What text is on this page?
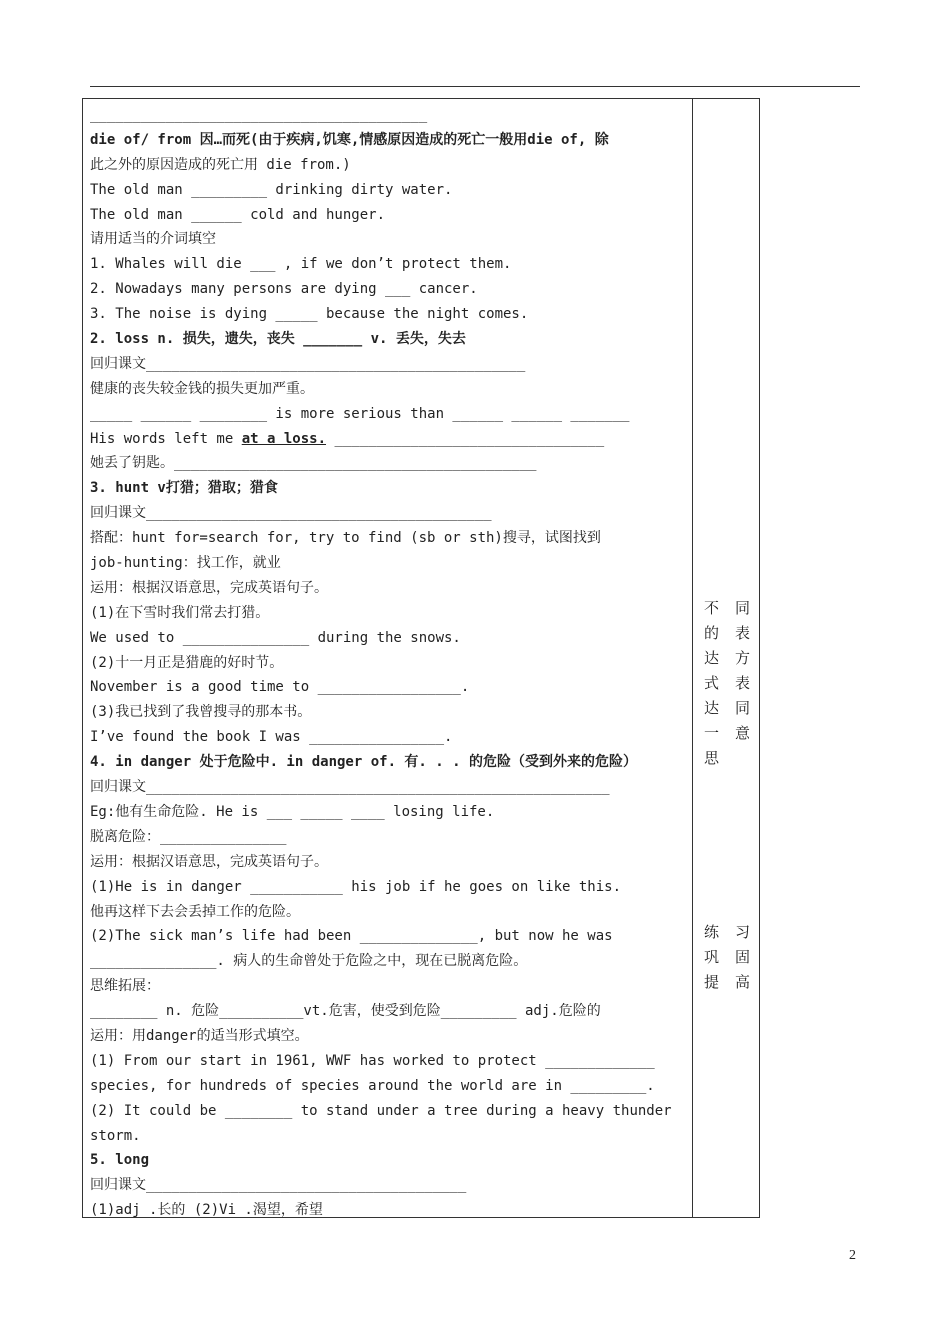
________________________________________
die of/ from 因…而死(由于疾病,饥寒,情感原因造成的死亡一般用die of, 除
此之外的原因造成的死亡用 die from.)
The old man _________ drinking dirty water.
The old man ______ cold and hunger.
请用适当的介词填空
1. Whales will die ___ , if we don’t protect them.
2. Nowadays many persons are dying ___ cancer.
3. The noise is dying _____ because the night comes.
2. loss n. 损失，遗失，丧失 _______ v. 丢失，失去
回归课文_____________________________________________
健康的丧失较金钱的损失更加严重。
_____ ______ ________ is more serious than ______ ______ _______
His words left me at a loss. ________________________________
她丢了钥匙。___________________________________________
3. hunt v打猎；猎取；猎食
回归课文_________________________________________
搭配：hunt for=search for, try to find (sb or sth)搜寻，试图找到
job-hunting：找工作，就业
运用：根据汉语意思，完成英语句子。
(1)在下雪时我们常去打猎。
We used to _______________ during the snows.
(2)十一月正是猎鹿的好时节。
November is a good time to _________________.
(3)我已找到了我曾搜寻的那本书。
I’ve found the book I was ________________.
4. in danger 处于危险中. in danger of. 有. . . 的危险（受到外来的危险）
回归课文_______________________________________________________
Eg:他有生命危险. He is ___ _____ ____ losing life.
脱离危险：_______________
运用：根据汉语意思，完成英语句子。
(1)He is in danger ___________ his job if he goes on like this.
他再这样下去会丢掉工作的危险。
(2)The sick man’s life had been ______________, but now he was
_______________. 病人的生命曾处于危险之中，现在已脱离危险。
思维拓展：
________ n. 危险__________vt.危害，使受到危险_________ adj.危险的
运用：用danger的适当形式填空。
(1) From our start in 1961, WWF has worked to protect _____________
species, for hundreds of species around the world are in _________.
(2) It could be ________ to stand under a tree during a heavy thunder
storm.
5. long
回归课文______________________________________
(1)adj .长的 (2)Vi .渴望，希望
不 同
的 表
达 方
式 表
达 同
一 意
思
练 习
巩 固
提 高
2
